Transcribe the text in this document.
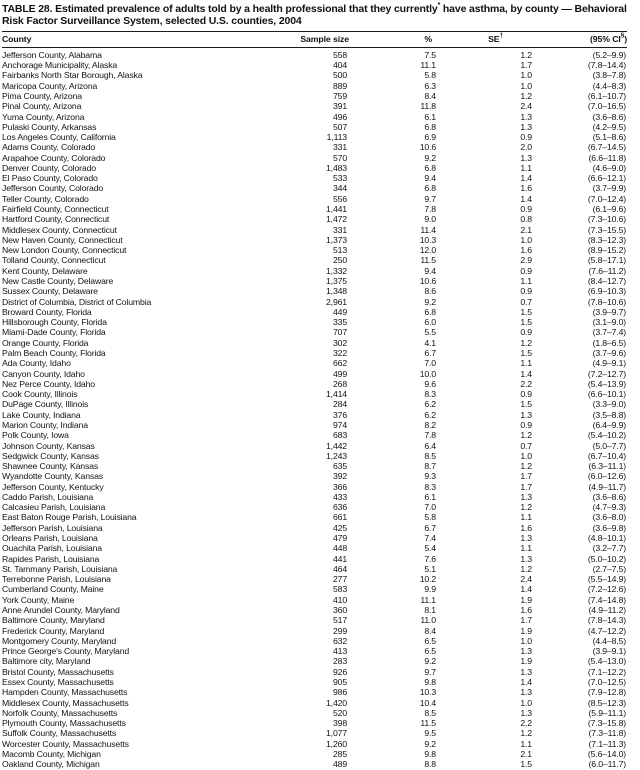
TABLE 28. Estimated prevalence of adults told by a health professional that they currently* have asthma, by county — Behavioral Risk Factor Surveillance System, selected U.S. counties, 2004
County	Sample size	%	SE†	(95% CI§)
Jefferson County, Alabama	558	7.5	1.2	(5.2–9.9)
Anchorage Municipality, Alaska	404	11.1	1.7	(7.8–14.4)
Fairbanks North Star Borough, Alaska	500	5.8	1.0	(3.8–7.8)
Maricopa County, Arizona	889	6.3	1.0	(4.4–8.3)
Pima County, Arizona	759	8.4	1.2	(6.1–10.7)
Pinal County, Arizona	391	11.8	2.4	(7.0–16.5)
Yuma County, Arizona	496	6.1	1.3	(3.6–8.6)
Pulaski County, Arkansas	507	6.8	1.3	(4.2–9.5)
Los Angeles County, California	1,113	6.9	0.9	(5.1–8.6)
Adams County, Colorado	331	10.6	2.0	(6.7–14.5)
Arapahoe County, Colorado	570	9.2	1.3	(6.6–11.8)
Denver County, Colorado	1,483	6.8	1.1	(4.6–9.0)
El Paso County, Colorado	533	9.4	1.4	(6.6–12.1)
Jefferson County, Colorado	344	6.8	1.6	(3.7–9.9)
Teller County, Colorado	556	9.7	1.4	(7.0–12.4)
Fairfield County, Connecticut	1,441	7.8	0.9	(6.1–9.6)
Hartford County, Connecticut	1,472	9.0	0.8	(7.3–10.6)
Middlesex County, Connecticut	331	11.4	2.1	(7.3–15.5)
New Haven County, Connecticut	1,373	10.3	1.0	(8.3–12.3)
New London County, Connecticut	513	12.0	1.6	(8.9–15.2)
Tolland County, Connecticut	250	11.5	2.9	(5.8–17.1)
Kent County, Delaware	1,332	9.4	0.9	(7.6–11.2)
New Castle County, Delaware	1,375	10.6	1.1	(8.4–12.7)
Sussex County, Delaware	1,348	8.6	0.9	(6.9–10.3)
District of Columbia, District of Columbia	2,961	9.2	0.7	(7.8–10.6)
Broward County, Florida	449	6.8	1.5	(3.9–9.7)
Hillsborough County, Florida	335	6.0	1.5	(3.1–9.0)
Miami-Dade County, Florida	707	5.5	0.9	(3.7–7.4)
Orange County, Florida	302	4.1	1.2	(1.8–6.5)
Palm Beach County, Florida	322	6.7	1.5	(3.7–9.6)
Ada County, Idaho	662	7.0	1.1	(4.9–9.1)
Canyon County, Idaho	499	10.0	1.4	(7.2–12.7)
Nez Perce County, Idaho	268	9.6	2.2	(5.4–13.9)
Cook County, Illinois	1,414	8.3	0.9	(6.6–10.1)
DuPage County, Illinois	284	6.2	1.5	(3.3–9.0)
Lake County, Indiana	376	6.2	1.3	(3.5–8.8)
Marion County, Indiana	974	8.2	0.9	(6.4–9.9)
Polk County, Iowa	683	7.8	1.2	(5.4–10.2)
Johnson County, Kansas	1,442	6.4	0.7	(5.0–7.7)
Sedgwick County, Kansas	1,243	8.5	1.0	(6.7–10.4)
Shawnee County, Kansas	635	8.7	1.2	(6.3–11.1)
Wyandotte County, Kansas	392	9.3	1.7	(6.0–12.6)
Jefferson County, Kentucky	366	8.3	1.7	(4.9–11.7)
Caddo Parish, Louisiana	433	6.1	1.3	(3.6–8.6)
Calcasieu Parish, Louisiana	636	7.0	1.2	(4.7–9.3)
East Baton Rouge Parish, Louisiana	661	5.8	1.1	(3.6–8.0)
Jefferson Parish, Louisiana	425	6.7	1.6	(3.6–9.8)
Orleans Parish, Louisiana	479	7.4	1.3	(4.8–10.1)
Ouachita Parish, Louisiana	448	5.4	1.1	(3.2–7.7)
Rapides Parish, Louisiana	441	7.6	1.3	(5.0–10.2)
St. Tammany Parish, Louisiana	464	5.1	1.2	(2.7–7.5)
Terrebonne Parish, Louisiana	277	10.2	2.4	(5.5–14.9)
Cumberland County, Maine	583	9.9	1.4	(7.2–12.6)
York County, Maine	410	11.1	1.9	(7.4–14.8)
Anne Arundel County, Maryland	360	8.1	1.6	(4.9–11.2)
Baltimore County, Maryland	517	11.0	1.7	(7.8–14.3)
Frederick County, Maryland	299	8.4	1.9	(4.7–12.2)
Montgomery County, Maryland	632	6.5	1.0	(4.4–8.5)
Prince George's County, Maryland	413	6.5	1.3	(3.9–9.1)
Baltimore city, Maryland	283	9.2	1.9	(5.4–13.0)
Bristol County, Massachusetts	926	9.7	1.3	(7.1–12.2)
Essex County, Massachusetts	905	9.8	1.4	(7.0–12.5)
Hampden County, Massachusetts	986	10.3	1.3	(7.9–12.8)
Middlesex County, Massachusetts	1,420	10.4	1.0	(8.5–12.3)
Norfolk County, Massachusetts	520	8.5	1.3	(5.9–11.1)
Plymouth County, Massachusetts	398	11.5	2.2	(7.3–15.8)
Suffolk County, Massachusetts	1,077	9.5	1.2	(7.3–11.8)
Worcester County, Massachusetts	1,260	9.2	1.1	(7.1–11.3)
Macomb County, Michigan	285	9.8	2.1	(5.6–14.0)
Oakland County, Michigan	489	8.8	1.5	(6.0–11.7)
